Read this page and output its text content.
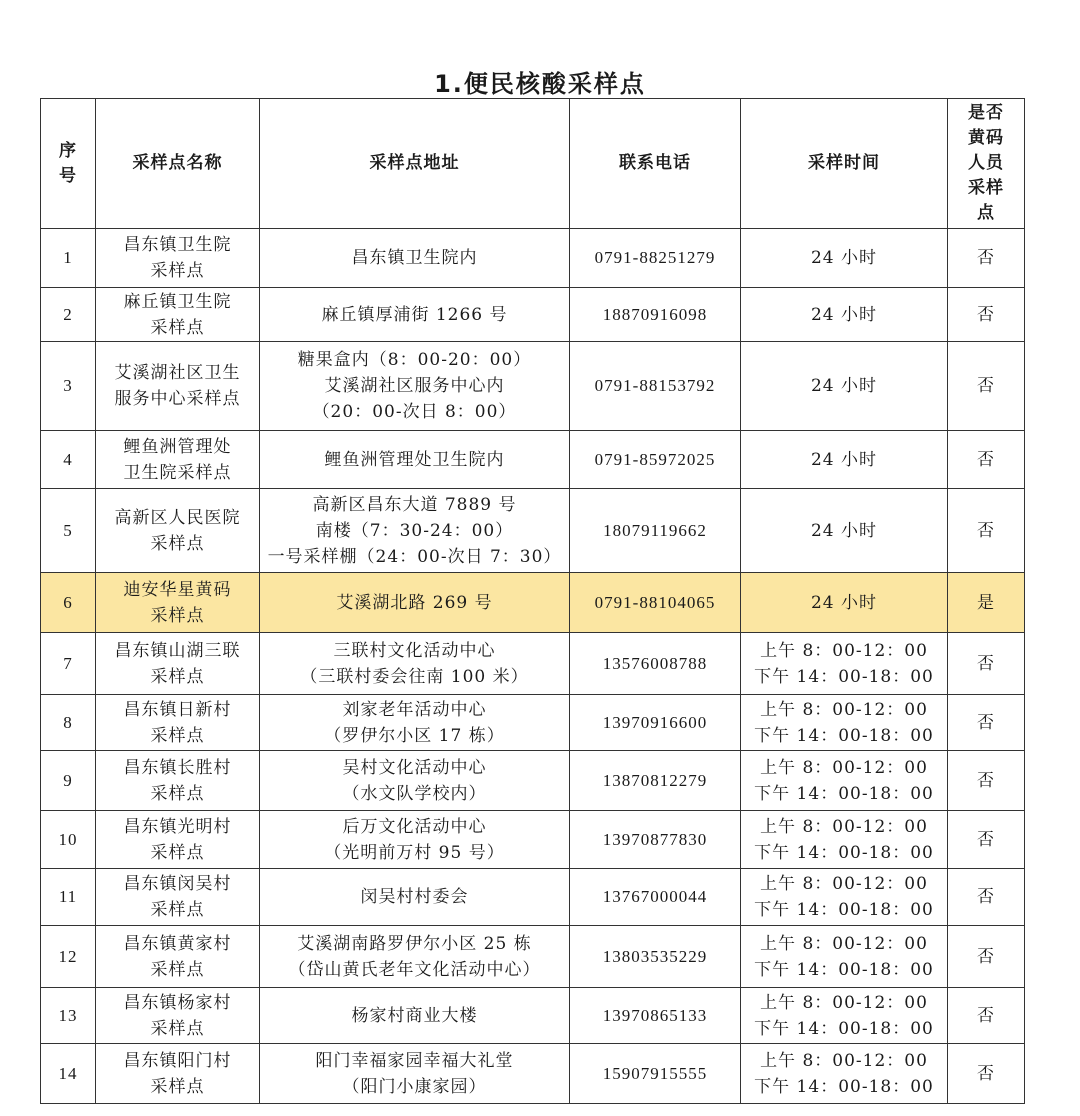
1.便民核酸采样点
序
号	采样点名称	采样点地址	联系电话	采样时间	是否
黄码
人员
采样
点

1	昌东镇卫生院
采样点	昌东镇卫生院内	0791-88251279	24 小时	否
2	麻丘镇卫生院
采样点	麻丘镇厚浦街 1266 号	18870916098	24 小时	否
3	艾溪湖社区卫生
服务中心采样点	糖果盒内（8：00-20：00）
艾溪湖社区服务中心内
（20：00-次日 8：00）	0791-88153792	24 小时	否
4	鲤鱼洲管理处
卫生院采样点	鲤鱼洲管理处卫生院内	0791-85972025	24 小时	否
5	高新区人民医院
采样点	高新区昌东大道 7889 号
南楼（7：30-24：00）
一号采样棚（24：00-次日 7：30）	18079119662	24 小时	否
6	迪安华星黄码
采样点	艾溪湖北路 269 号	0791-88104065	24 小时	是
7	昌东镇山湖三联
采样点	三联村文化活动中心
（三联村委会往南 100 米）	13576008788	上午 8：00-12：00
下午 14：00-18：00	否
8	昌东镇日新村
采样点	刘家老年活动中心
（罗伊尔小区 17 栋）	13970916600	上午 8：00-12：00
下午 14：00-18：00	否
9	昌东镇长胜村
采样点	吴村文化活动中心
（水文队学校内）	13870812279	上午 8：00-12：00
下午 14：00-18：00	否
10	昌东镇光明村
采样点	后万文化活动中心
（光明前万村 95 号）	13970877830	上午 8：00-12：00
下午 14：00-18：00	否
11	昌东镇闵吴村
采样点	闵吴村村委会	13767000044	上午 8：00-12：00
下午 14：00-18：00	否
12	昌东镇黄家村
采样点	艾溪湖南路罗伊尔小区 25 栋
（岱山黄氏老年文化活动中心）	13803535229	上午 8：00-12：00
下午 14：00-18：00	否
13	昌东镇杨家村
采样点	杨家村商业大楼	13970865133	上午 8：00-12：00
下午 14：00-18：00	否
14	昌东镇阳门村
采样点	阳门幸福家园幸福大礼堂
（阳门小康家园）	15907915555	上午 8：00-12：00
下午 14：00-18：00	否
